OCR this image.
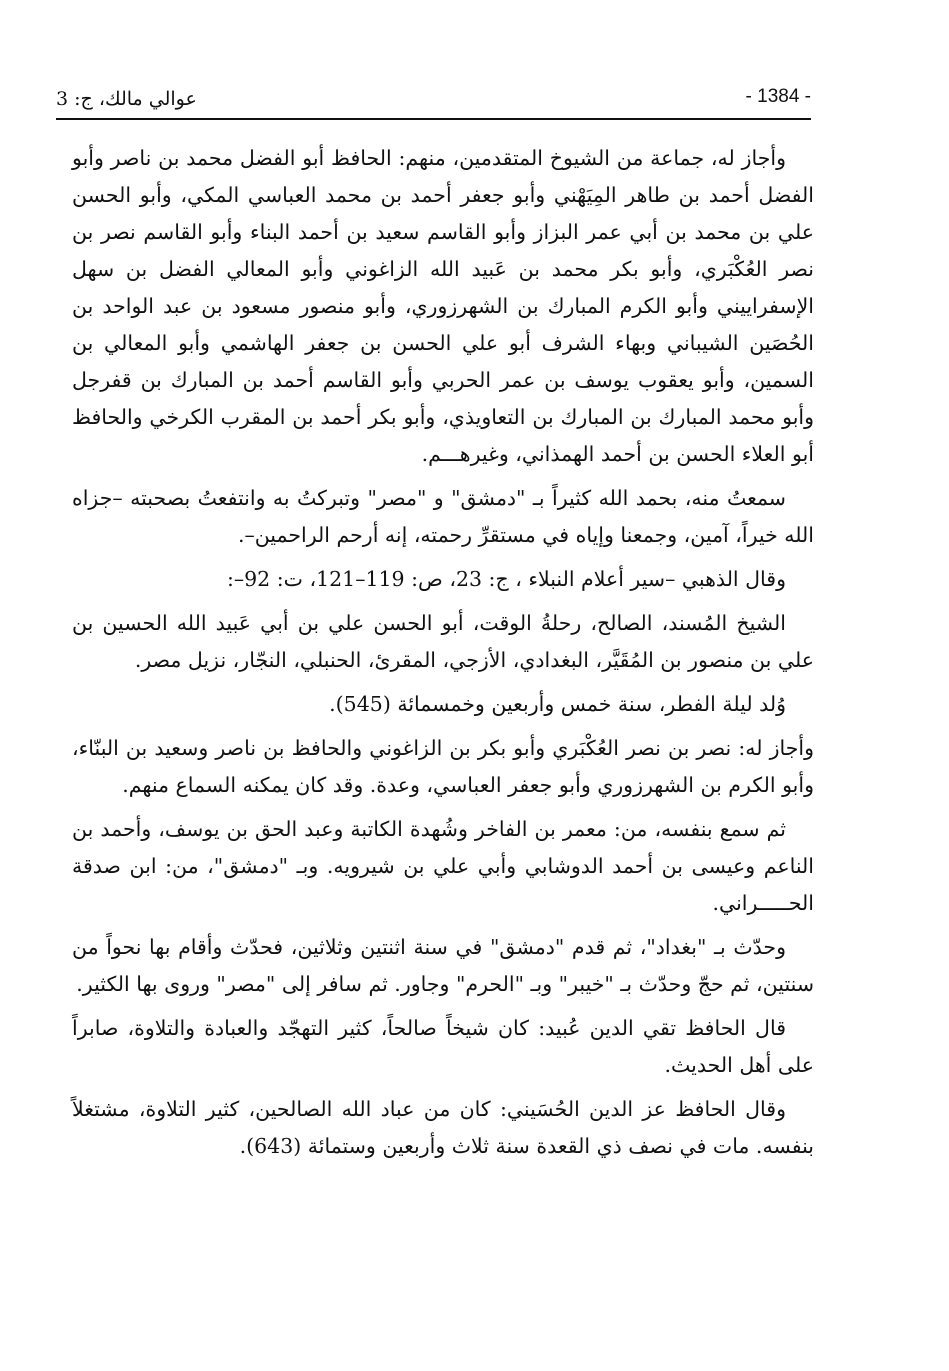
عوالي مالك، ج: 3	- 1384 -

وأجاز له، جماعة من الشيوخ المتقدمين، منهم: الحافظ أبو الفضل محمد بن ناصر وأبو الفضل أحمد بن طاهر المِيَهْني وأبو جعفر أحمد بن محمد العباسي المكي، وأبو الحسن علي بن محمد بن أبي عمر البزاز وأبو القاسم سعيد بن أحمد البناء وأبو القاسم نصر بن نصر العُكْبَري، وأبو بكر محمد بن عَبيد الله الزاغوني وأبو المعالي الفضل بن سهل الإسفراييني وأبو الكرم المبارك بن الشهرزوري، وأبو منصور مسعود بن عبد الواحد بن الحُصَين الشيباني وبهاء الشرف أبو علي الحسن بن جعفر الهاشمي وأبو المعالي بن السمين، وأبو يعقوب يوسف بن عمر الحربي وأبو القاسم أحمد بن المبارك بن قفرجل وأبو محمد المبارك بن المبارك بن التعاويذي، وأبو بكر أحمد بن المقرب الكرخي والحافظ أبو العلاء الحسن بن أحمد الهمذاني، وغيرهـــم.

سمعتُ منه، بحمد الله كثيراً بـ "دمشق" و "مصر" وتبركتُ به وانتفعتُ بصحبته –جزاه الله خيراً، آمين، وجمعنا وإياه في مستقرِّ رحمته، إنه أرحم الراحمين–.

وقال الذهبي –سير أعلام النبلاء ، ج: 23، ص: 119–121، ت: 92–:

الشيخ المُسند، الصالح، رحلةُ الوقت، أبو الحسن علي بن أبي عَبيد الله الحسين بن علي بن منصور بن المُقَيَّر، البغدادي، الأزجي، المقرئ، الحنبلي، النجّار، نزيل مصر.

وُلد ليلة الفطر، سنة خمس وأربعين وخمسمائة (545).

وأجاز له: نصر بن نصر العُكْبَري وأبو بكر بن الزاغوني والحافظ بن ناصر وسعيد بن البنّاء، وأبو الكرم بن الشهرزوري وأبو جعفر العباسي، وعدة. وقد كان يمكنه السماع منهم.

ثم سمع بنفسه، من: معمر بن الفاخر وشُهدة الكاتبة وعبد الحق بن يوسف، وأحمد بن الناعم وعيسى بن أحمد الدوشابي وأبي علي بن شيرويه. وبـ "دمشق"، من: ابن صدقة الحـــــراني.

وحدّث بـ "بغداد"، ثم قدم "دمشق" في سنة اثنتين وثلاثين، فحدّث وأقام بها نحواً من سنتين، ثم حجّ وحدّث بـ "خيبر" وبـ "الحرم" وجاور. ثم سافر إلى "مصر" وروى بها الكثير.

قال الحافظ تقي الدين عُبيد: كان شيخاً صالحاً، كثير التهجّد والعبادة والتلاوة، صابراً على أهل الحديث.

وقال الحافظ عز الدين الحُسَيني: كان من عباد الله الصالحين، كثير التلاوة، مشتغلاً بنفسه. مات في نصف ذي القعدة سنة ثلاث وأربعين وستمائة (643).
